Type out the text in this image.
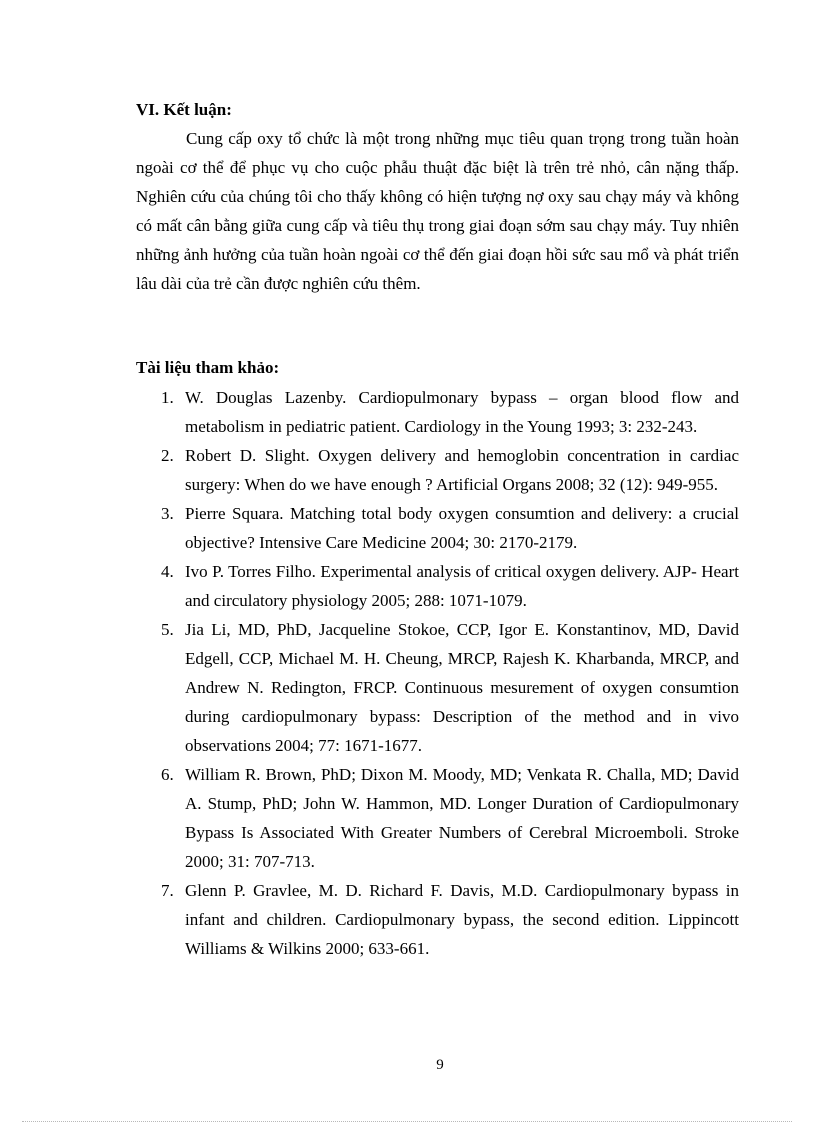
VI. Kết luận:

Cung cấp oxy tổ chức là một trong những mục tiêu quan trọng trong tuần hoàn ngoài cơ thể để phục vụ cho cuộc phẫu thuật đặc biệt là trên trẻ nhỏ, cân nặng thấp. Nghiên cứu của chúng tôi cho thấy không có hiện tượng nợ oxy sau chạy máy và không có mất cân bằng giữa cung cấp và tiêu thụ trong giai đoạn sớm sau chạy máy. Tuy nhiên những ảnh hưởng của tuần hoàn ngoài cơ thể đến giai đoạn hồi sức sau mổ và phát triển lâu dài của trẻ cần được nghiên cứu thêm.

Tài liệu tham khảo:
1. W. Douglas Lazenby. Cardiopulmonary bypass – organ blood flow and metabolism in pediatric patient. Cardiology in the Young 1993; 3: 232-243.
2. Robert D. Slight. Oxygen delivery and hemoglobin concentration in cardiac surgery: When do we have enough ? Artificial Organs 2008; 32 (12): 949-955.
3. Pierre Squara. Matching total body oxygen consumtion and delivery: a crucial objective? Intensive Care Medicine 2004; 30: 2170-2179.
4. Ivo P. Torres Filho. Experimental analysis of critical oxygen delivery. AJP- Heart and circulatory physiology 2005; 288: 1071-1079.
5. Jia Li, MD, PhD, Jacqueline Stokoe, CCP, Igor E. Konstantinov, MD, David Edgell, CCP, Michael M. H. Cheung, MRCP, Rajesh K. Kharbanda, MRCP, and Andrew N. Redington, FRCP. Continuous mesurement of oxygen consumtion during cardiopulmonary bypass: Description of the method and in vivo observations 2004; 77: 1671-1677.
6. William R. Brown, PhD; Dixon M. Moody, MD; Venkata R. Challa, MD; David A. Stump, PhD; John W. Hammon, MD. Longer Duration of Cardiopulmonary Bypass Is Associated With Greater Numbers of Cerebral Microemboli. Stroke 2000; 31: 707-713.
7. Glenn P. Gravlee, M. D. Richard F. Davis, M.D. Cardiopulmonary bypass in infant and children. Cardiopulmonary bypass, the second edition. Lippincott Williams & Wilkins 2000; 633-661.
9
